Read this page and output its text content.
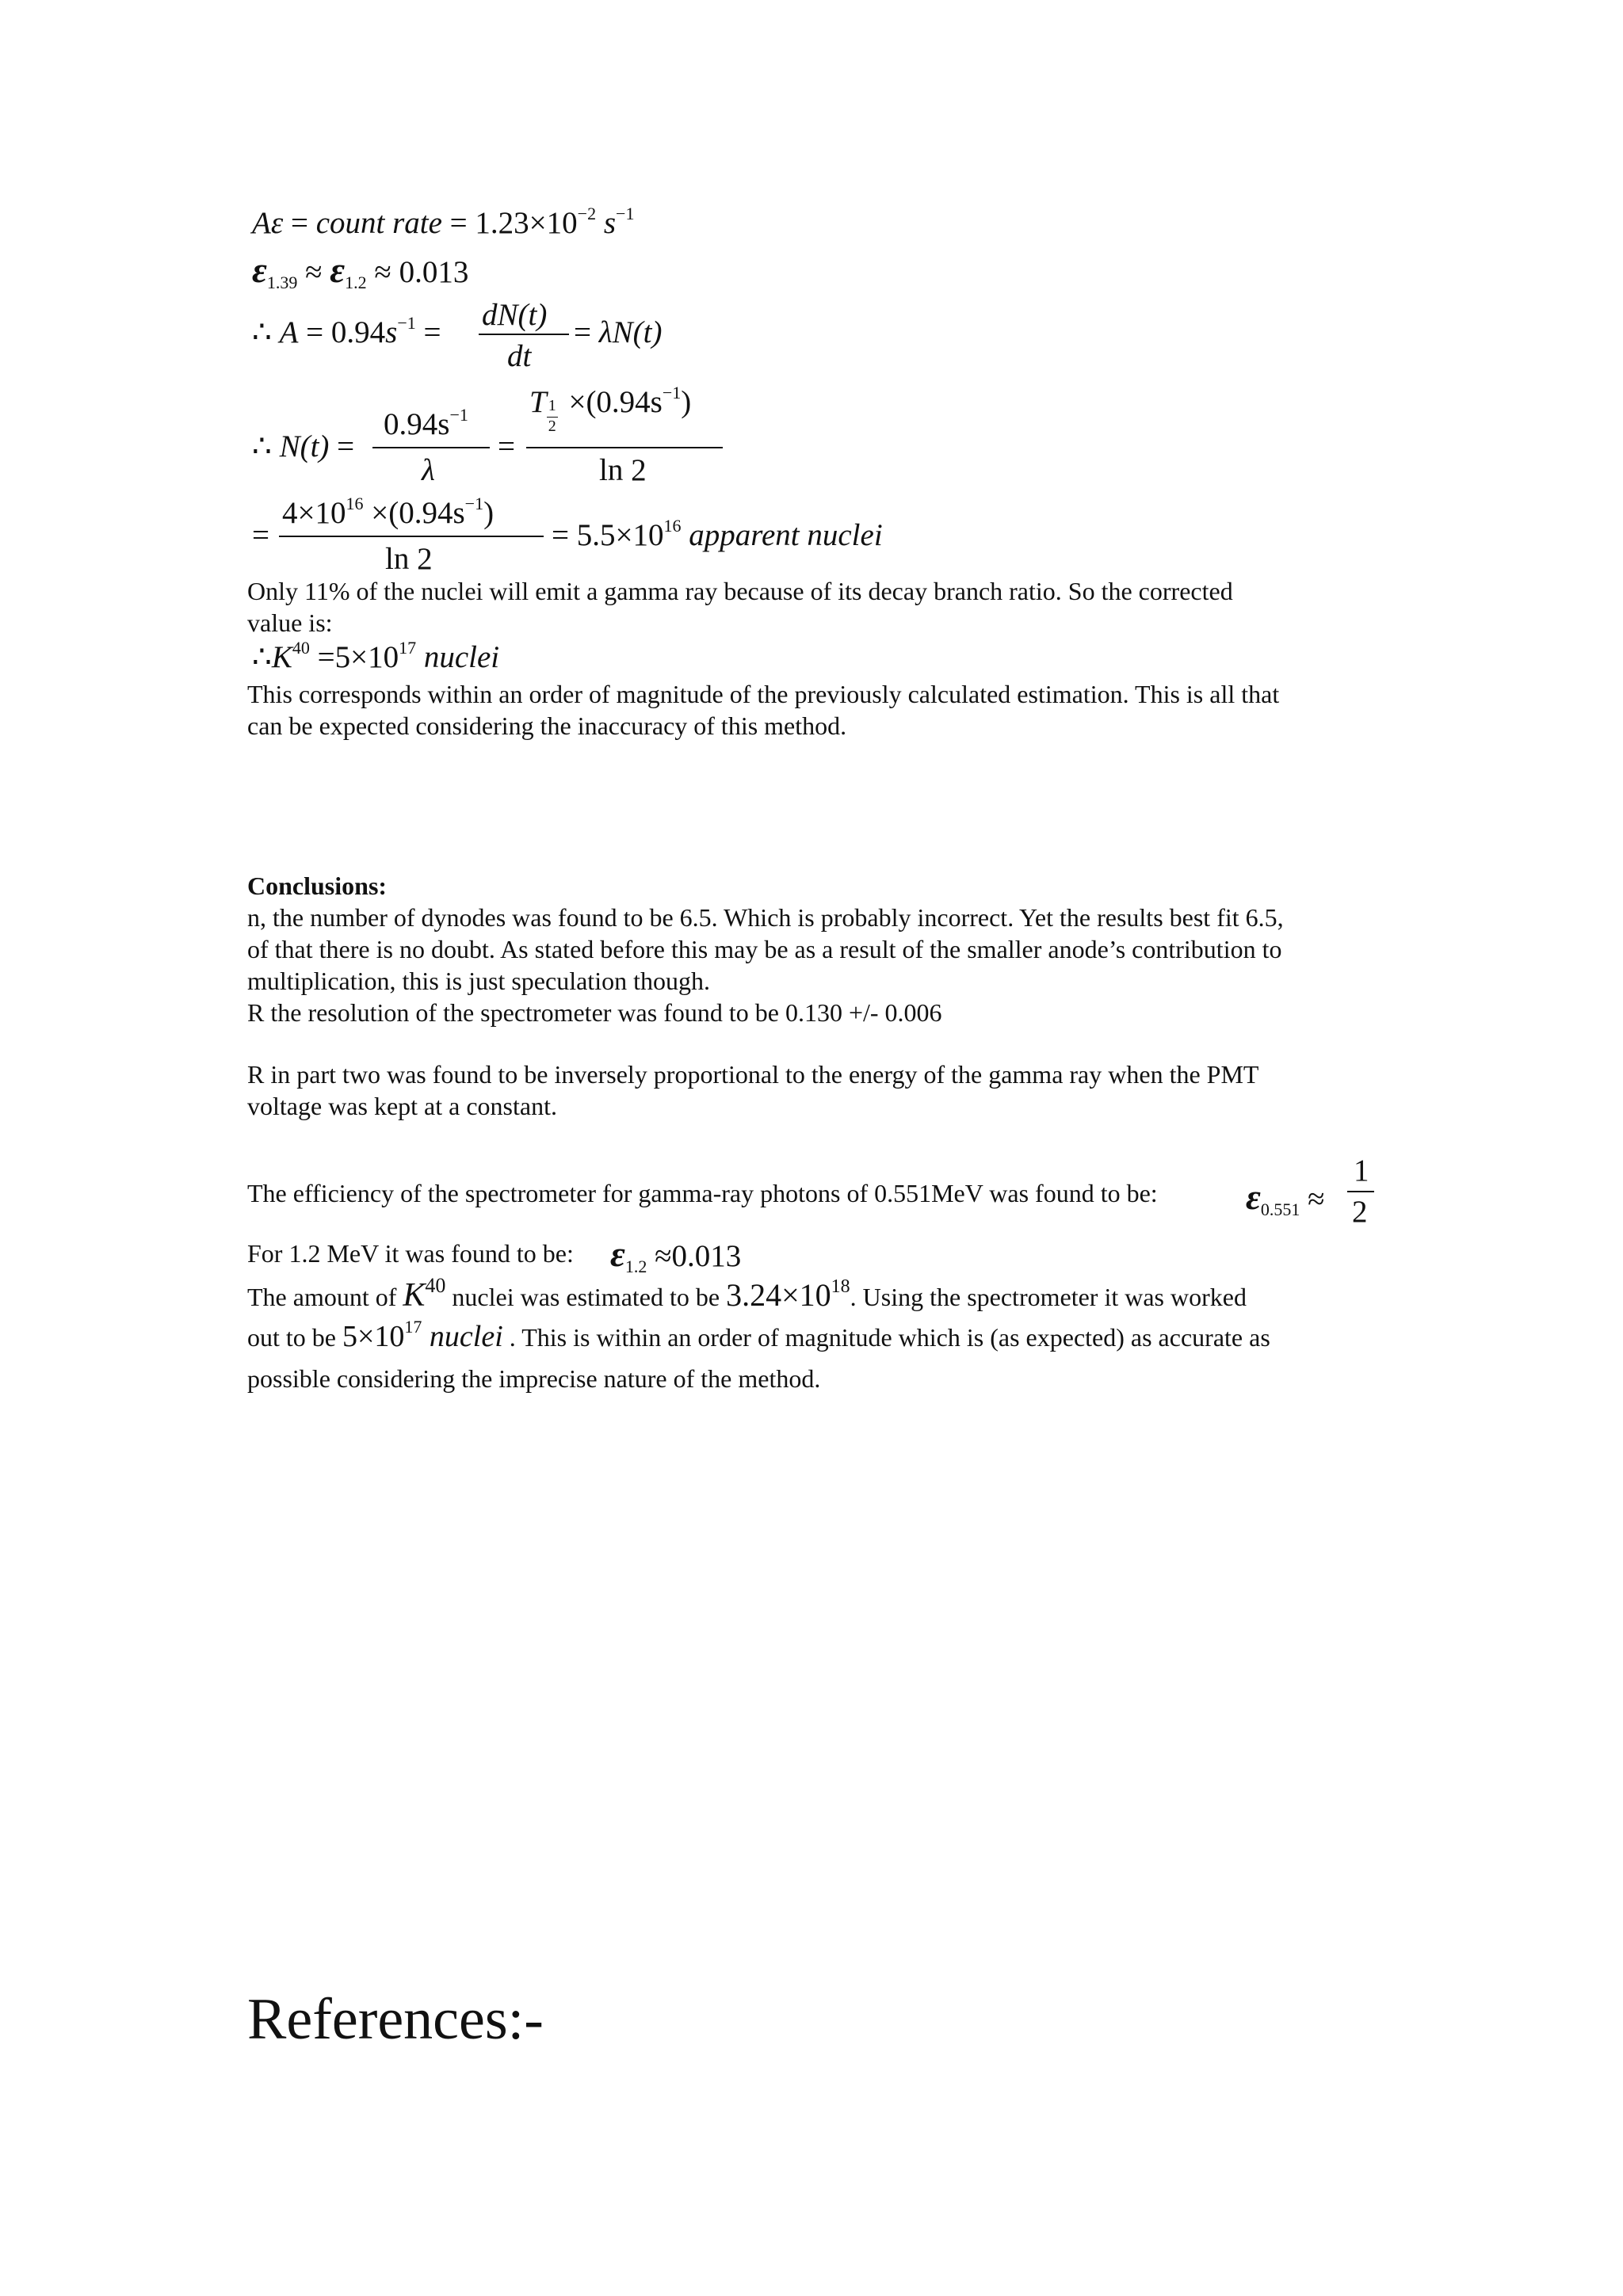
Aε = count rate = $1.23\times 10^{-2}$ $s^{-1}$
$\varepsilon_{1.39} \approx \varepsilon_{1.2} \approx 0.013$
∴ $A = 0.94s^{-1}$ =
dN(t)
dt
= λN(t)
∴ N(t) =
$0.94s^{-1}$
λ
=
T $\frac{1}{2} \times(0.94s^{-1})$
ln 2
=
$4\times 10^{16} \times(0.94s^{-1})$
ln 2
= $5.5\times 10^{16}$ apparent nuclei
Only 11% of the nuclei will emit a gamma ray because of its decay branch ratio. So the corrected
value is:
$\therefore K^{40} =5\times 10^{17}$ nuclei
This corresponds within an order of magnitude of the previously calculated estimation. This is all that
can be expected considering the inaccuracy of this method.
Conclusions:
n, the number of dynodes was found to be 6.5. Which is probably incorrect. Yet the results best fit 6.5,
of that there is no doubt. As stated before this may be as a result of the smaller anode’s contribution to
multiplication, this is just speculation though.
R the resolution of the spectrometer was found to be 0.130 +/- 0.006
R in part two was found to be inversely proportional to the energy of the gamma ray when the PMT
voltage was kept at a constant.
The efficiency of the spectrometer for gamma-ray photons of 0.551MeV was found to be: $\varepsilon_{0.551}$ ≈
1
2
For 1.2 MeV it was found to be: $\varepsilon_{1.2} \approx 0.013$
The amount of $K^{40}$ nuclei was estimated to be $3.24\times 10^{18}$. Using the spectrometer it was worked
out to be $5\times 10^{17}$ nuclei . This is within an order of magnitude which is (as expected) as accurate as
possible considering the imprecise nature of the method.
References:-
